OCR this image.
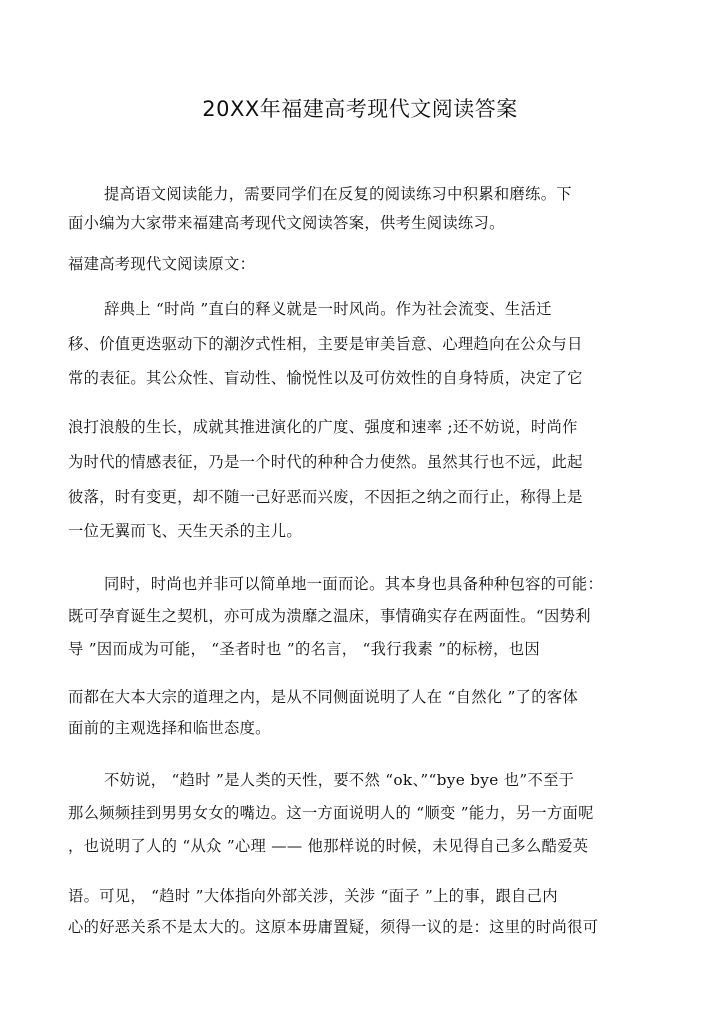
20XX年福建高考现代文阅读答案
提高语文阅读能力，需要同学们在反复的阅读练习中积累和磨练。下
面小编为大家带来福建高考现代文阅读答案，供考生阅读练习。
福建高考现代文阅读原文：
辞典上 “时尚 ”直白的释义就是一时风尚。作为社会流变、生活迁
移、价值更迭驱动下的潮汐式性相，主要是审美旨意、心理趋向在公众与日
常的表征。其公众性、盲动性、愉悦性以及可仿效性的自身特质，决定了它
浪打浪般的生长，成就其推进演化的广度、强度和速率 ;还不妨说，时尚作
为时代的情感表征，乃是一个时代的种种合力使然。虽然其行也不远，此起
彼落，时有变更，却不随一己好恶而兴废，不因拒之纳之而行止，称得上是
一位无翼而飞、天生天杀的主儿。
同时，时尚也并非可以简单地一面而论。其本身也具备种种包容的可能：
既可孕育诞生之契机，亦可成为溃靡之温床，事情确实存在两面性。“因势利
导 ”因而成为可能， “圣者时也 ”的名言， “我行我素 ”的标榜，也因
而都在大本大宗的道理之内，是从不同侧面说明了人在 “自然化 ”了的客体
面前的主观选择和临世态度。
不妨说， “趋时 ”是人类的天性，要不然 “ok、”“bye bye 也”不至于
那么频频挂到男男女女的嘴边。这一方面说明人的 “顺变 ”能力，另一方面呢
，也说明了人的 “从众 ”心理 —— 他那样说的时候，未见得自己多么酷爱英
语。可见， “趋时 ”大体指向外部关涉，关涉 “面子 ”上的事，跟自己内
心的好恶关系不是太大的。这原本毋庸置疑，须得一议的是：这里的时尚很可
